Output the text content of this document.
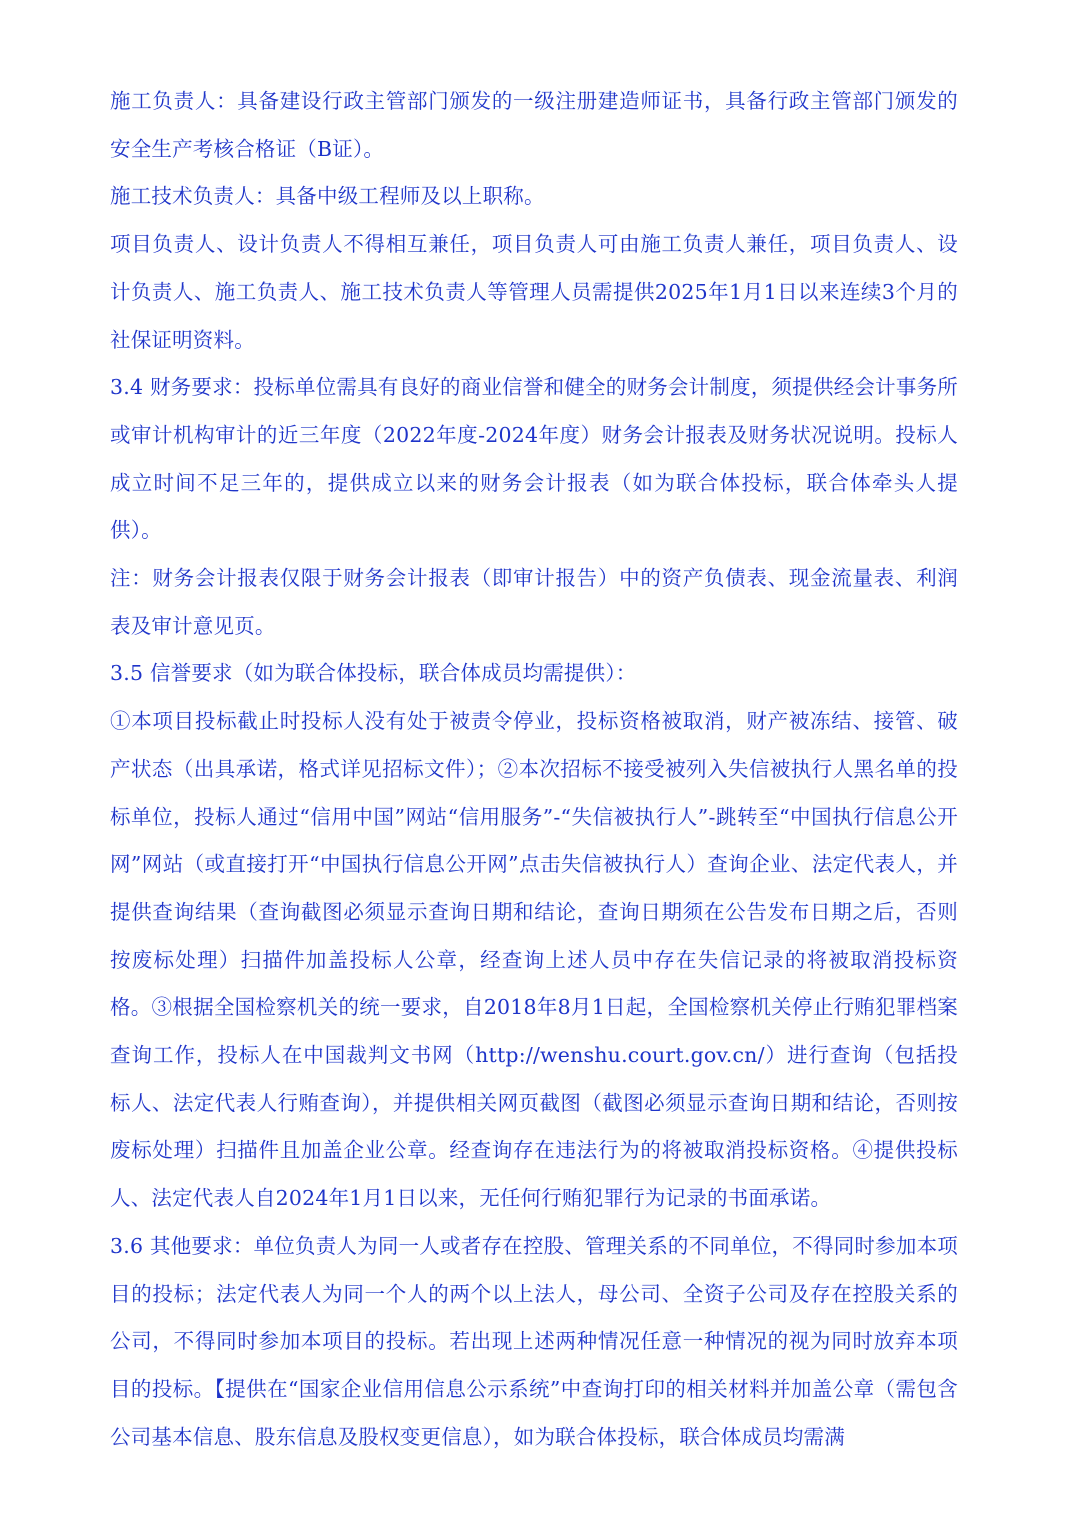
施工负责人：具备建设行政主管部门颁发的一级注册建造师证书，具备行政主管部门颁发的安全生产考核合格证（B证）。

施工技术负责人：具备中级工程师及以上职称。

项目负责人、设计负责人不得相互兼任，项目负责人可由施工负责人兼任，项目负责人、设计负责人、施工负责人、施工技术负责人等管理人员需提供2025年1月1日以来连续3个月的社保证明资料。

3.4 财务要求：投标单位需具有良好的商业信誉和健全的财务会计制度，须提供经会计事务所或审计机构审计的近三年度（2022年度-2024年度）财务会计报表及财务状况说明。投标人成立时间不足三年的，提供成立以来的财务会计报表（如为联合体投标，联合体牵头人提供）。

注：财务会计报表仅限于财务会计报表（即审计报告）中的资产负债表、现金流量表、利润表及审计意见页。

3.5 信誉要求（如为联合体投标，联合体成员均需提供）：

①本项目投标截止时投标人没有处于被责令停业，投标资格被取消，财产被冻结、接管、破产状态（出具承诺，格式详见招标文件）；②本次招标不接受被列入失信被执行人黑名单的投标单位，投标人通过“信用中国”网站“信用服务”-“失信被执行人”-跳转至“中国执行信息公开网”网站（或直接打开“中国执行信息公开网”点击失信被执行人）查询企业、法定代表人，并提供查询结果（查询截图必须显示查询日期和结论，查询日期须在公告发布日期之后，否则按废标处理）扫描件加盖投标人公章，经查询上述人员中存在失信记录的将被取消投标资格。③根据全国检察机关的统一要求，自2018年8月1日起，全国检察机关停止行贿犯罪档案查询工作，投标人在中国裁判文书网（http://wenshu.court.gov.cn/）进行查询（包括投标人、法定代表人行贿查询），并提供相关网页截图（截图必须显示查询日期和结论，否则按废标处理）扫描件且加盖企业公章。经查询存在违法行为的将被取消投标资格。④提供投标人、法定代表人自2024年1月1日以来，无任何行贿犯罪行为记录的书面承诺。

3.6 其他要求：单位负责人为同一人或者存在控股、管理关系的不同单位，不得同时参加本项目的投标；法定代表人为同一个人的两个以上法人，母公司、全资子公司及存在控股关系的公司，不得同时参加本项目的投标。若出现上述两种情况任意一种情况的视为同时放弃本项目的投标。【提供在“国家企业信用信息公示系统”中查询打印的相关材料并加盖公章（需包含公司基本信息、股东信息及股权变更信息），如为联合体投标，联合体成员均需满
